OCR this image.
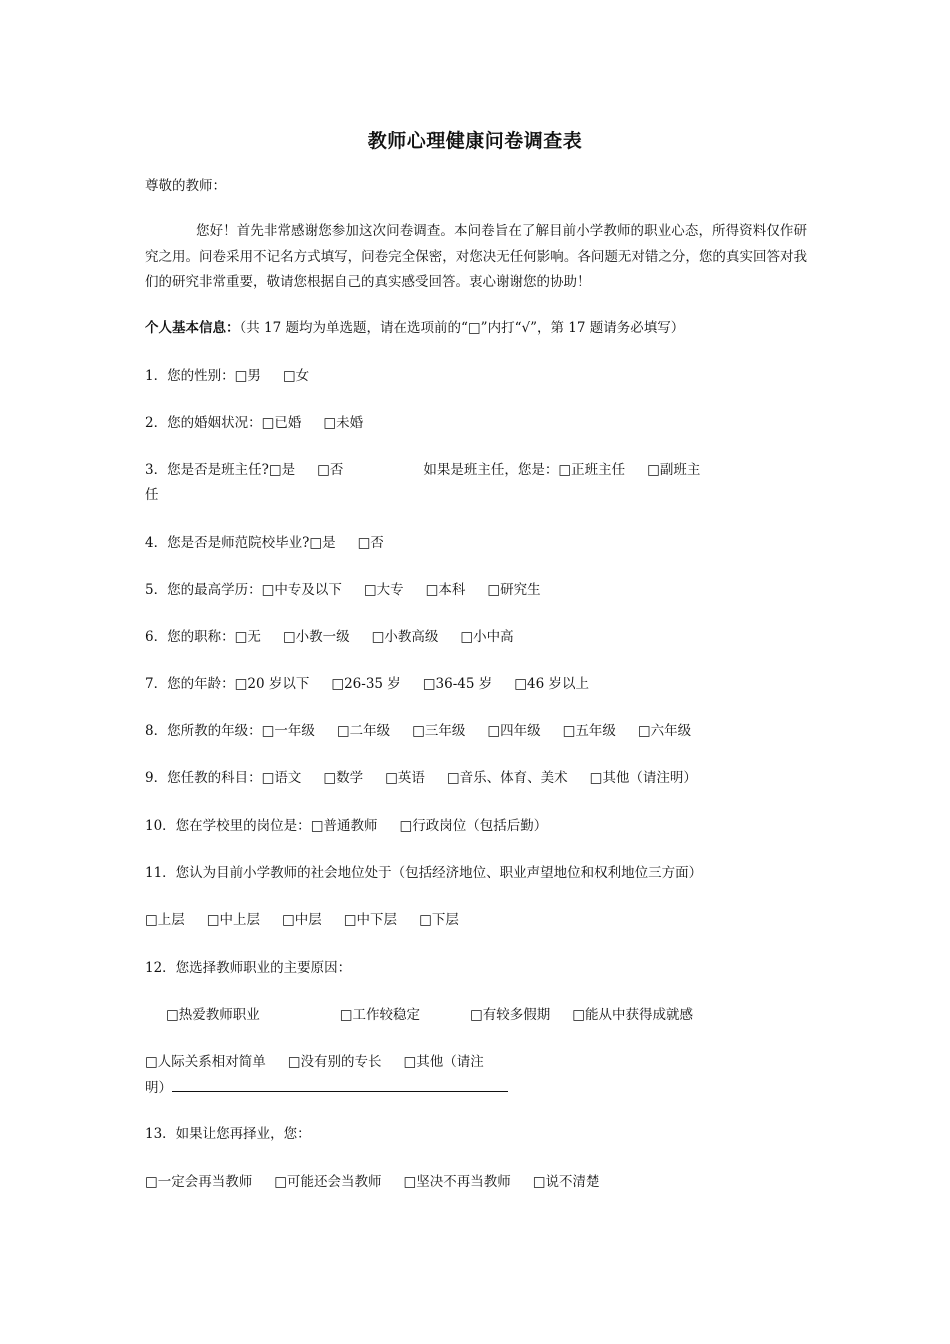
教师心理健康问卷调查表
尊敬的教师：
您好！首先非常感谢您参加这次问卷调查。本问卷旨在了解目前小学教师的职业心态，所得资料仅作研究之用。问卷采用不记名方式填写，问卷完全保密，对您决无任何影响。各问题无对错之分，您的真实回答对我们的研究非常重要，敬请您根据自己的真实感受回答。衷心谢谢您的协助！
个人基本信息：（共 17 题均为单选题，请在选项前的“□”内打“√”，第 17 题请务必填写）
1．您的性别：□男 □女
2．您的婚姻状况：□已婚 □未婚
3．您是否是班主任?□是 □否	如果是班主任，您是：□正班主任 □副班主
任
4．您是否是师范院校毕业?□是 □否
5．您的最高学历：□中专及以下 □大专 □本科 □研究生
6．您的职称：□无 □小教一级 □小教高级 □小中高
7．您的年龄：□20 岁以下 □26-35 岁 □36-45 岁 □46 岁以上
8．您所教的年级：□一年级 □二年级 □三年级 □四年级 □五年级 □六年级
9．您任教的科目：□语文 □数学 □英语 □音乐、体育、美术 □其他（请注明）
10．您在学校里的岗位是：□普通教师 □行政岗位（包括后勤）
11．您认为目前小学教师的社会地位处于（包括经济地位、职业声望地位和权利地位三方面）
□上层 □中上层 □中层 □中下层 □下层
12．您选择教师职业的主要原因：
□热爱教师职业	□工作较稳定	□有较多假期 □能从中获得成就感
□人际关系相对简单 □没有别的专长 □其他（请注
明）
13．如果让您再择业，您：
□一定会再当教师 □可能还会当教师 □坚决不再当教师 □说不清楚
